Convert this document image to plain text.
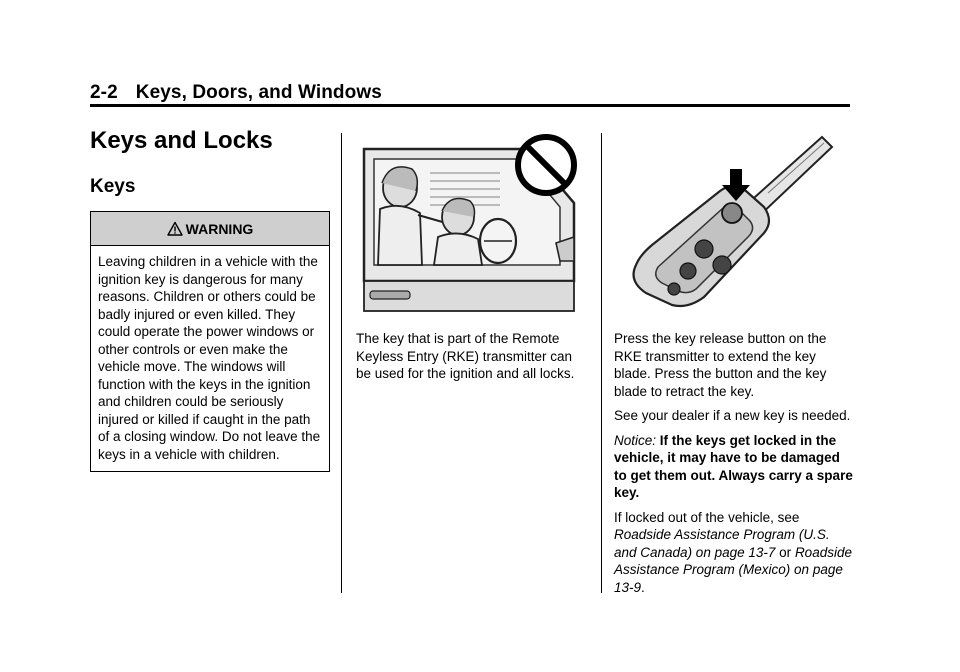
2-2 Keys, Doors, and Windows
Keys and Locks
Keys
WARNING
Leaving children in a vehicle with the ignition key is dangerous for many reasons. Children or others could be badly injured or even killed. They could operate the power windows or other controls or even make the vehicle move. The windows will function with the keys in the ignition and children could be seriously injured or killed if caught in the path of a closing window. Do not leave the keys in a vehicle with children.

The key that is part of the Remote Keyless Entry (RKE) transmitter can be used for the ignition and all locks.

Press the key release button on the RKE transmitter to extend the key blade. Press the button and the key blade to retract the key.

See your dealer if a new key is needed.

Notice: If the keys get locked in the vehicle, it may have to be damaged to get them out. Always carry a spare key.

If locked out of the vehicle, see Roadside Assistance Program (U.S. and Canada) on page 13-7 or Roadside Assistance Program (Mexico) on page 13-9.
